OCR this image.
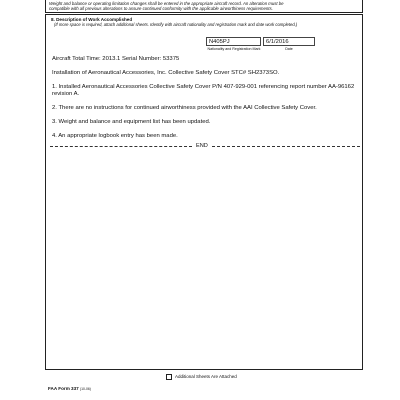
Weight and balance or operating limitation changes shall be entered in the appropriate aircraft record. An alteration must be
compatible with all previous alterations to assure continued conformity with the applicable airworthiness requirements.
8. Description of Work Accomplished
(If more space is required, attach additional sheets. Identify with aircraft nationality and registration mark and date work completed.)
N405PJ	6/1/2016
Nationality and Registration Mark	Date
Aircraft Total Time: 2013.1 Serial Number: 53375
Installation of Aeronautical Accessories, Inc. Collective Safety Cover STC# SH2373SO.
1. Installed Aeronautical Accessories Collective Safety Cover P/N 407-929-001 referencing report number AA-96162 revision A.
2. There are no instructions for continued airworthiness provided with the AAI Collective Safety Cover.
3. Weight and balance and equipment list has been updated.
4. An appropriate logbook entry has been made.
END
Additional Sheets Are Attached
FAA Form 337 (10-06)
